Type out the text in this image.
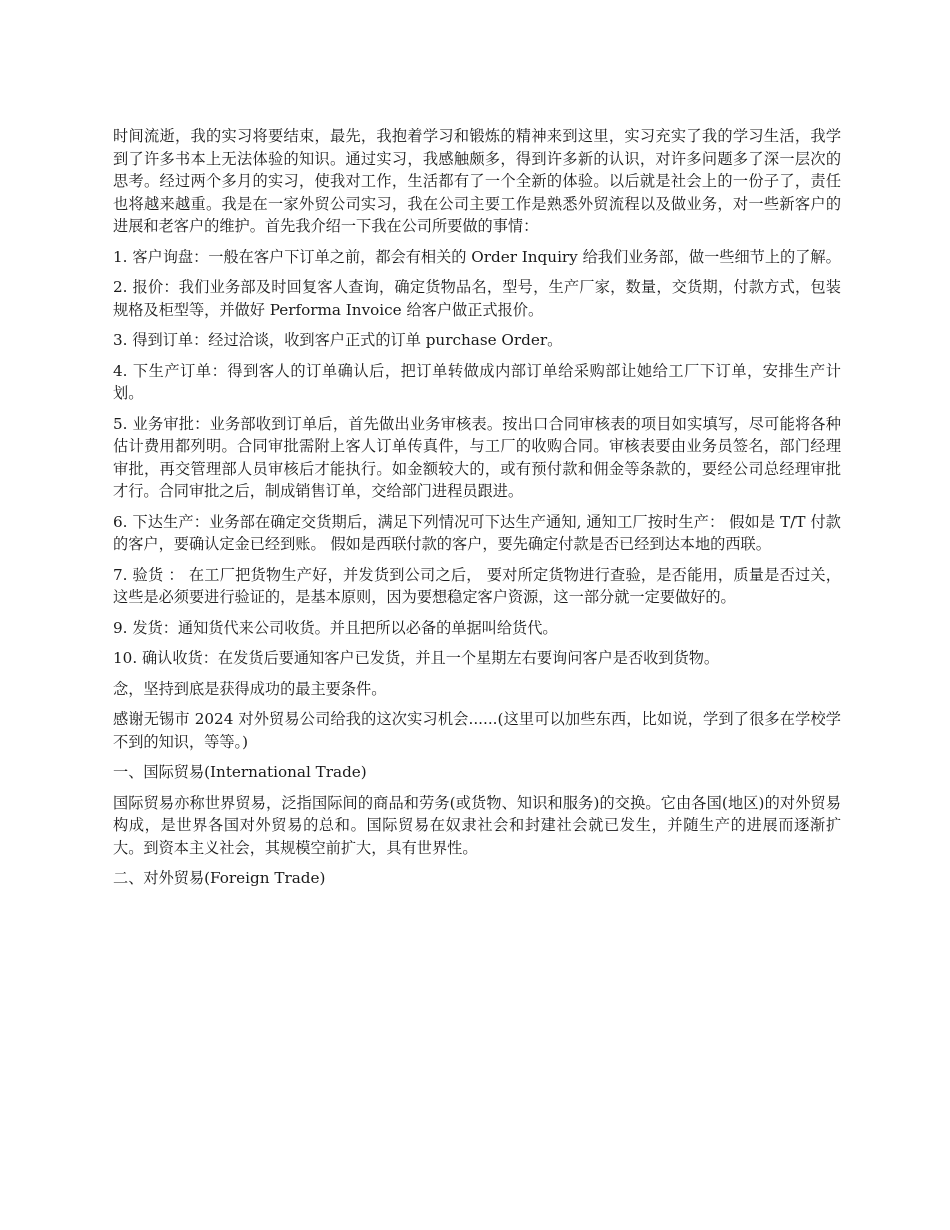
时间流逝，我的实习将要结束，最先，我抱着学习和锻炼的精神来到这里，实习充实了我的学习生活，我学到了许多书本上无法体验的知识。通过实习，我感触颇多，得到许多新的认识，对许多问题多了深一层次的思考。经过两个多月的实习，使我对工作，生活都有了一个全新的体验。以后就是社会上的一份子了，责任也将越来越重。我是在一家外贸公司实习，我在公司主要工作是熟悉外贸流程以及做业务，对一些新客户的进展和老客户的维护。首先我介绍一下我在公司所要做的事情：

1. 客户询盘：一般在客户下订单之前，都会有相关的 Order Inquiry 给我们业务部，做一些细节上的了解。

2. 报价：我们业务部及时回复客人查询，确定货物品名，型号，生产厂家，数量，交货期，付款方式，包装规格及柜型等，并做好 Performa Invoice 给客户做正式报价。

3. 得到订单：经过洽谈，收到客户正式的订单 purchase Order。

4. 下生产订单：得到客人的订单确认后，把订单转做成内部订单给采购部让她给工厂下订单，安排生产计划。

5. 业务审批：业务部收到订单后，首先做出业务审核表。按出口合同审核表的项目如实填写，尽可能将各种估计费用都列明。合同审批需附上客人订单传真件，与工厂的收购合同。审核表要由业务员签名，部门经理审批，再交管理部人员审核后才能执行。如金额较大的，或有预付款和佣金等条款的，要经公司总经理审批才行。合同审批之后，制成销售订单，交给部门进程员跟进。

6. 下达生产：业务部在确定交货期后，满足下列情况可下达生产通知, 通知工厂按时生产： 假如是 T/T 付款的客户，要确认定金已经到账。 假如是西联付款的客户，要先确定付款是否已经到达本地的西联。

7. 验货 ： 在工厂把货物生产好，并发货到公司之后， 要对所定货物进行查验，是否能用，质量是否过关，这些是必须要进行验证的，是基本原则，因为要想稳定客户资源，这一部分就一定要做好的。

9. 发货：通知货代来公司收货。并且把所以必备的单据叫给货代。

10. 确认收货：在发货后要通知客户已发货，并且一个星期左右要询问客户是否收到货物。

念，坚持到底是获得成功的最主要条件。

感谢无锡市 2024 对外贸易公司给我的这次实习机会......(这里可以加些东西，比如说，学到了很多在学校学不到的知识，等等。)

一、国际贸易(International Trade)

国际贸易亦称世界贸易，泛指国际间的商品和劳务(或货物、知识和服务)的交换。它由各国(地区)的对外贸易构成，是世界各国对外贸易的总和。国际贸易在奴隶社会和封建社会就已发生，并随生产的进展而逐渐扩大。到资本主义社会，其规模空前扩大，具有世界性。

二、对外贸易(Foreign Trade)
